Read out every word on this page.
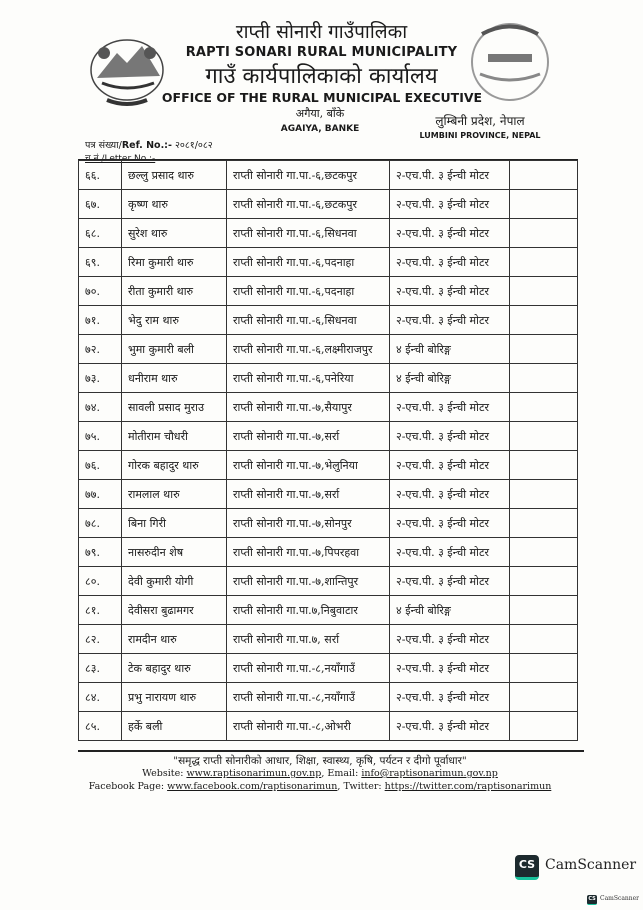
राप्ती सोनारी गाउँपालिका
RAPTI SONARI RURAL MUNICIPALITY
गाउँ कार्यपालिकाको कार्यालय
OFFICE OF THE RURAL MUNICIPAL EXECUTIVE
अगैया, बाँके
AGAIYA, BANKE
लुम्बिनी प्रदेश, नेपाल
LUMBINI PROVINCE, NEPAL
पत्र संख्या/Ref. No.:- २०८१/०८२
६६.	छल्लु प्रसाद थारु	राप्ती सोनारी गा.पा.-६,छटकपुर	२-एच.पी. ३ ईन्ची मोटर	
६७.	कृष्ण थारु	राप्ती सोनारी गा.पा.-६,छटकपुर	२-एच.पी. ३ ईन्ची मोटर	
६८.	सुरेश थारु	राप्ती सोनारी गा.पा.-६,सिधनवा	२-एच.पी. ३ ईन्ची मोटर	
६९.	रिमा कुमारी थारु	राप्ती सोनारी गा.पा.-६,पदनाहा	२-एच.पी. ३ ईन्ची मोटर	
७०.	रीता कुमारी थारु	राप्ती सोनारी गा.पा.-६,पदनाहा	२-एच.पी. ३ ईन्ची मोटर	
७१.	भेदु राम थारु	राप्ती सोनारी गा.पा.-६,सिधनवा	२-एच.पी. ३ ईन्ची मोटर	
७२.	भुमा कुमारी बली	राप्ती सोनारी गा.पा.-६,लक्ष्मीराजपुर	४ ईन्ची बोरिङ्ग	
७३.	धनीराम थारु	राप्ती सोनारी गा.पा.-६,पनेरिया	४ ईन्ची बोरिङ्ग	
७४.	सावली प्रसाद मुराउ	राप्ती सोनारी गा.पा.-७,सैयापुर	२-एच.पी. ३ ईन्ची मोटर	
७५.	मोतीराम चौधरी	राप्ती सोनारी गा.पा.-७,सर्रा	२-एच.पी. ३ ईन्ची मोटर	
७६.	गोरक बहादुर थारु	राप्ती सोनारी गा.पा.-७,भेलुनिया	२-एच.पी. ३ ईन्ची मोटर	
७७.	रामलाल थारु	राप्ती सोनारी गा.पा.-७,सर्रा	२-एच.पी. ३ ईन्ची मोटर	
७८.	बिना गिरी	राप्ती सोनारी गा.पा.-७,सोनपुर	२-एच.पी. ३ ईन्ची मोटर	
७९.	नासरुदीन शेष	राप्ती सोनारी गा.पा.-७,पिपरहवा	२-एच.पी. ३ ईन्ची मोटर	
८०.	देवी कुमारी योगी	राप्ती सोनारी गा.पा.-७,शान्तिपुर	२-एच.पी. ३ ईन्ची मोटर	
८१.	देवीसरा बुढामगर	राप्ती सोनारी गा.पा.७,निबुवाटार	४ ईन्ची बोरिङ्ग	
८२.	रामदीन थारु	राप्ती सोनारी गा.पा.७, सर्रा	२-एच.पी. ३ ईन्ची मोटर	
८३.	टेक बहादुर थारु	राप्ती सोनारी गा.पा.-८,नयाँगाउँ	२-एच.पी. ३ ईन्ची मोटर	
८४.	प्रभु नारायण थारु	राप्ती सोनारी गा.पा.-८,नयाँगाउँ	२-एच.पी. ३ ईन्ची मोटर	
८५.	हर्के बली	राप्ती सोनारी गा.पा.-८,ओभरी	२-एच.पी. ३ ईन्ची मोटर	
"समृद्ध राप्ती सोनारीको आधार, शिक्षा, स्वास्थ्य, कृषि, पर्यटन र दीगो पूर्वाधार"
Website: www.raptisonarimun.gov.np, Email: info@raptisonarimun.gov.np
Facebook Page: www.facebook.com/raptisonarimun, Twitter: https://twitter.com/raptisonarimun
CS CamScanner
CS CamScanner
